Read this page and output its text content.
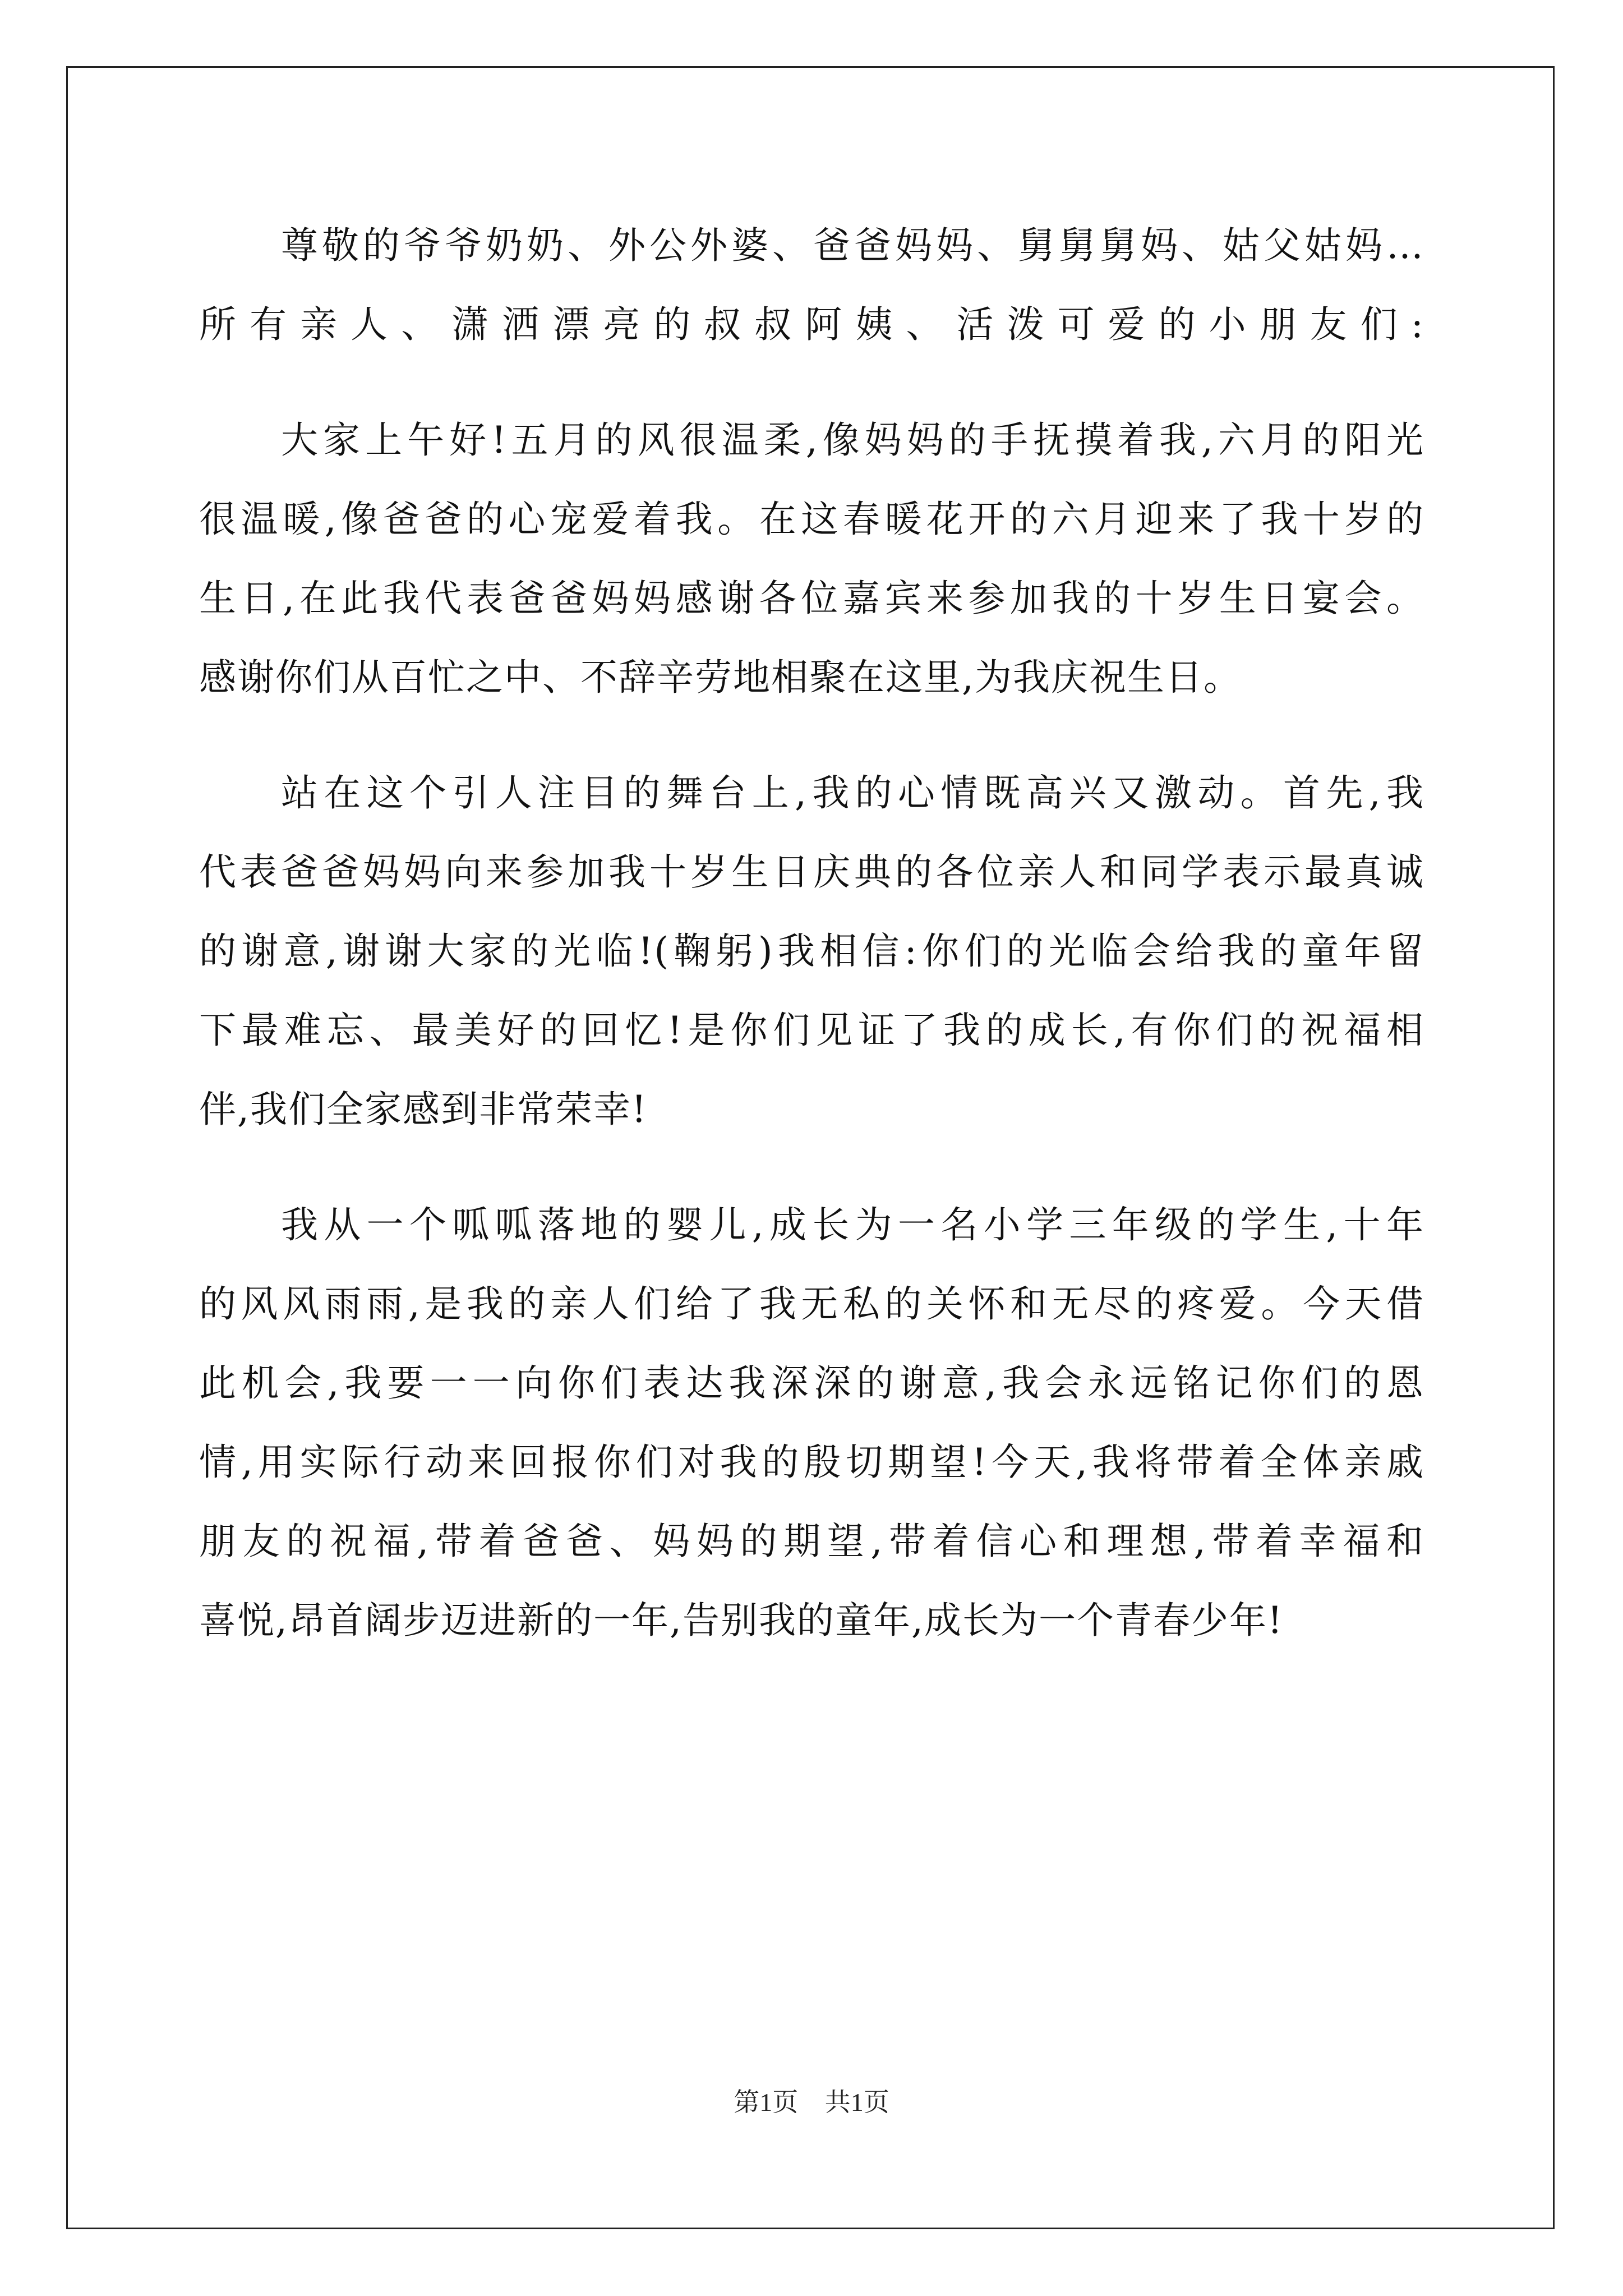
尊敬的爷爷奶奶、外公外婆、爸爸妈妈、舅舅舅妈、姑父姑妈…
所有亲人、潇洒漂亮的叔叔阿姨、活泼可爱的小朋友们:
大家上午好!五月的风很温柔,像妈妈的手抚摸着我,六月的阳光
很温暖,像爸爸的心宠爱着我。在这春暖花开的六月迎来了我十岁的
生日,在此我代表爸爸妈妈感谢各位嘉宾来参加我的十岁生日宴会。
感谢你们从百忙之中、不辞辛劳地相聚在这里,为我庆祝生日。
站在这个引人注目的舞台上,我的心情既高兴又激动。首先,我
代表爸爸妈妈向来参加我十岁生日庆典的各位亲人和同学表示最真诚
的谢意,谢谢大家的光临!(鞠躬)我相信:你们的光临会给我的童年留
下最难忘、最美好的回忆!是你们见证了我的成长,有你们的祝福相
伴,我们全家感到非常荣幸!
我从一个呱呱落地的婴儿,成长为一名小学三年级的学生,十年
的风风雨雨,是我的亲人们给了我无私的关怀和无尽的疼爱。今天借
此机会,我要一一向你们表达我深深的谢意,我会永远铭记你们的恩
情,用实际行动来回报你们对我的殷切期望!今天,我将带着全体亲戚
朋友的祝福,带着爸爸、妈妈的期望,带着信心和理想,带着幸福和
喜悦,昂首阔步迈进新的一年,告别我的童年,成长为一个青春少年!
第1页 共1页
